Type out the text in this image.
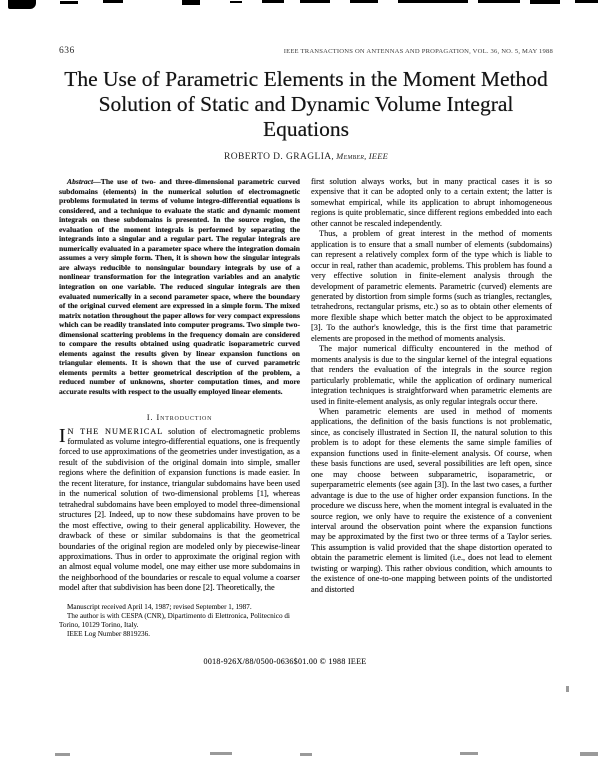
636	IEEE TRANSACTIONS ON ANTENNAS AND PROPAGATION, VOL. 36, NO. 5, MAY 1988
The Use of Parametric Elements in the Moment Method Solution of Static and Dynamic Volume Integral Equations
ROBERTO D. GRAGLIA, Member, IEEE

Abstract—The use of two- and three-dimensional parametric curved subdomains (elements) in the numerical solution of electromagnetic problems formulated in terms of volume integro-differential equations is considered, and a technique to evaluate the static and dynamic moment integrals on these subdomains is presented. In the source region, the evaluation of the moment integrals is performed by separating the integrands into a singular and a regular part. The regular integrals are numerically evaluated in a parameter space where the integration domain assumes a very simple form. Then, it is shown how the singular integrals are always reducible to nonsingular boundary integrals by use of a nonlinear transformation for the integration variables and an analytic integration on one variable. The reduced singular integrals are then evaluated numerically in a second parameter space, where the boundary of the original curved element are expressed in a simple form. The mixed matrix notation throughout the paper allows for very compact expressions which can be readily translated into computer programs. Two simple two-dimensional scattering problems in the frequency domain are considered to compare the results obtained using quadratic isoparametric curved elements against the results given by linear expansion functions on triangular elements. It is shown that the use of curved parametric elements permits a better geometrical description of the problem, a reduced number of unknowns, shorter computation times, and more accurate results with respect to the usually employed linear elements.

I. Introduction

I N THE NUMERICAL solution of electromagnetic problems formulated as volume integro-differential equations, one is frequently forced to use approximations of the geometries under investigation, as a result of the subdivision of the original domain into simple, smaller regions where the definition of expansion functions is made easier. In the recent literature, for instance, triangular subdomains have been used in the numerical solution of two-dimensional problems [1], whereas tetrahedral subdomains have been employed to model three-dimensional structures [2]. Indeed, up to now these subdomains have proven to be the most effective, owing to their general applicability. However, the drawback of these or similar subdomains is that the geometrical boundaries of the original region are modeled only by piecewise-linear approximations. Thus in order to approximate the original region with an almost equal volume model, one may either use more subdomains in the neighborhood of the boundaries or rescale to equal volume a coarser model after that subdivision has been done [2]. Theoretically, the

Manuscript received April 14, 1987; revised September 1, 1987.

The author is with CESPA (CNR), Dipartimento di Elettronica, Politecnico di Torino, 10129 Torino, Italy.

IEEE Log Number 8819236.

first solution always works, but in many practical cases it is so expensive that it can be adopted only to a certain extent; the latter is somewhat empirical, while its application to abrupt inhomogeneous regions is quite problematic, since different regions embedded into each other cannot be rescaled independently.

Thus, a problem of great interest in the method of moments application is to ensure that a small number of elements (subdomains) can represent a relatively complex form of the type which is liable to occur in real, rather than academic, problems. This problem has found a very effective solution in finite-element analysis through the development of parametric elements. Parametric (curved) elements are generated by distortion from simple forms (such as triangles, rectangles, tetrahedrons, rectangular prisms, etc.) so as to obtain other elements of more flexible shape which better match the object to be approximated [3]. To the author's knowledge, this is the first time that parametric elements are proposed in the method of moments analysis.

The major numerical difficulty encountered in the method of moments analysis is due to the singular kernel of the integral equations that renders the evaluation of the integrals in the source region particularly problematic, while the application of ordinary numerical integration techniques is straightforward when parametric elements are used in finite-element analysis, as only regular integrals occur there.

When parametric elements are used in method of moments applications, the definition of the basis functions is not problematic, since, as concisely illustrated in Section II, the natural solution to this problem is to adopt for these elements the same simple families of expansion functions used in finite-element analysis. Of course, when these basis functions are used, several possibilities are left open, since one may choose between subparametric, isoparametric, or superparametric elements (see again [3]). In the last two cases, a further advantage is due to the use of higher order expansion functions. In the procedure we discuss here, when the moment integral is evaluated in the source region, we only have to require the existence of a convenient interval around the observation point where the expansion functions may be approximated by the first two or three terms of a Taylor series. This assumption is valid provided that the shape distortion operated to obtain the parametric element is limited (i.e., does not lead to element twisting or warping). This rather obvious condition, which amounts to the existence of one-to-one mapping between points of the undistorted and distorted

0018-926X/88/0500-0636$01.00 © 1988 IEEE
